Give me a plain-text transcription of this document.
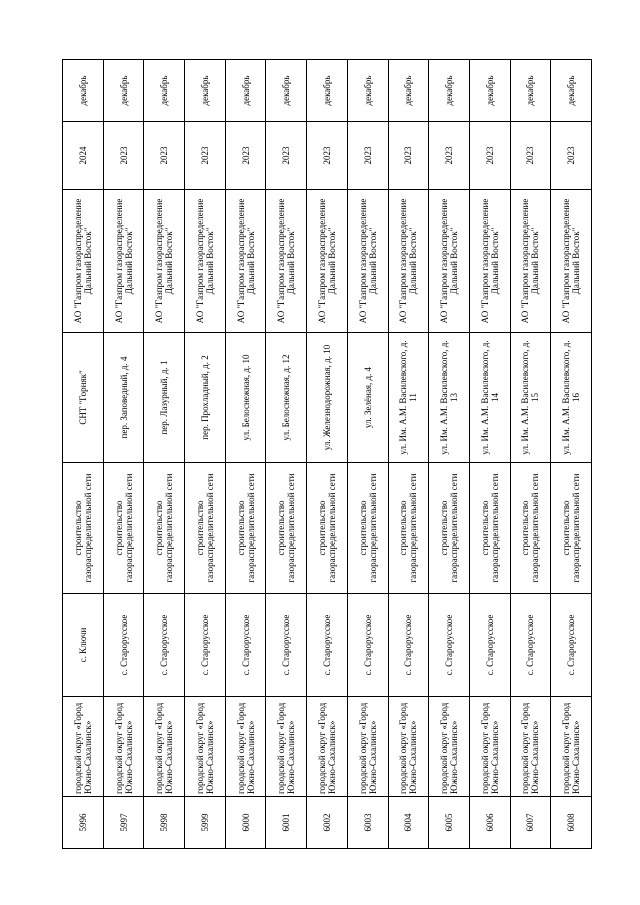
5996	городской округ «Город Южно-Сахалинск»	с. Ключи	строительство газораспределительной сети	СНТ "Горняк"	АО "Газпром газораспределение Дальний Восток"	2024	декабрь
5997	городской округ «Город Южно-Сахалинск»	с. Старорусское	строительство газораспределительной сети	пер. Заповедный, д. 4	АО "Газпром газораспределение Дальний Восток"	2023	декабрь
5998	городской округ «Город Южно-Сахалинск»	с. Старорусское	строительство газораспределительной сети	пер. Лазурный, д. 1	АО "Газпром газораспределение Дальний Восток"	2023	декабрь
5999	городской округ «Город Южно-Сахалинск»	с. Старорусское	строительство газораспределительной сети	пер. Прохладный, д. 2	АО "Газпром газораспределение Дальний Восток"	2023	декабрь
6000	городской округ «Город Южно-Сахалинск»	с. Старорусское	строительство газораспределительной сети	ул. Белоснежная, д. 10	АО "Газпром газораспределение Дальний Восток"	2023	декабрь
6001	городской округ «Город Южно-Сахалинск»	с. Старорусское	строительство газораспределительной сети	ул. Белоснежная, д. 12	АО "Газпром газораспределение Дальний Восток"	2023	декабрь
6002	городской округ «Город Южно-Сахалинск»	с. Старорусское	строительство газораспределительной сети	ул. Железнодорожная, д. 10	АО "Газпром газораспределение Дальний Восток"	2023	декабрь
6003	городской округ «Город Южно-Сахалинск»	с. Старорусское	строительство газораспределительной сети	ул. Зелёная, д. 4	АО "Газпром газораспределение Дальний Восток"	2023	декабрь
6004	городской округ «Город Южно-Сахалинск»	с. Старорусское	строительство газораспределительной сети	ул. Им. А.М. Василевского, д. 11	АО "Газпром газораспределение Дальний Восток"	2023	декабрь
6005	городской округ «Город Южно-Сахалинск»	с. Старорусское	строительство газораспределительной сети	ул. Им. А.М. Василевского, д. 13	АО "Газпром газораспределение Дальний Восток"	2023	декабрь
6006	городской округ «Город Южно-Сахалинск»	с. Старорусское	строительство газораспределительной сети	ул. Им. А.М. Василевского, д. 14	АО "Газпром газораспределение Дальний Восток"	2023	декабрь
6007	городской округ «Город Южно-Сахалинск»	с. Старорусское	строительство газораспределительной сети	ул. Им. А.М. Василевского, д. 15	АО "Газпром газораспределение Дальний Восток"	2023	декабрь
6008	городской округ «Город Южно-Сахалинск»	с. Старорусское	строительство газораспределительной сети	ул. Им. А.М. Василевского, д. 16	АО "Газпром газораспределение Дальний Восток"	2023	декабрь
